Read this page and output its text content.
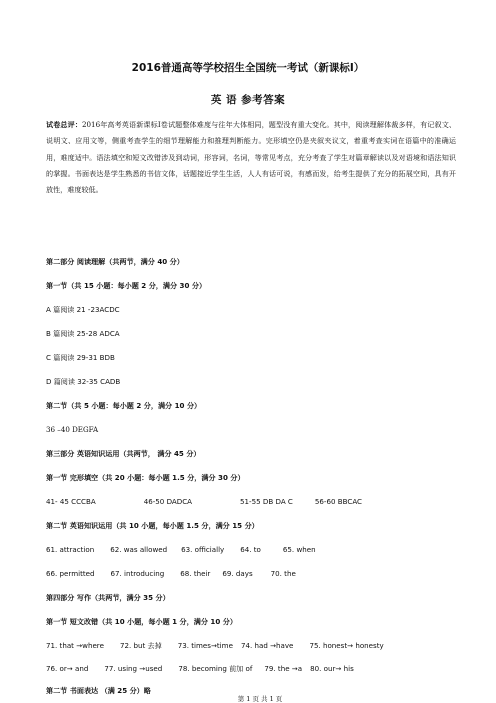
2016普通高等学校招生全国统一考试（新课标Ⅰ）
英 语 参考答案
试卷总评：2016年高考英语新课标Ⅰ卷试题整体难度与往年大体相同，题型没有重大变化。其中，阅读理解体裁多样，有记叙文、说明文、应用文等，侧重考查学生的细节理解能力和推理判断能力。完形填空仍是夹叙夹议文，着重考查实词在语篇中的准确运用，难度适中。语法填空和短文改错涉及到动词，形容词，名词，等常见考点，充分考查了学生对篇章解读以及对语境和语法知识的掌握。书面表达是学生熟悉的书信文体，话题接近学生生活，人人有话可说，有感而发，给考生提供了充分的拓展空间，具有开放性，难度较低。
第二部分 阅读理解（共两节，满分 40 分）
第一节（共 15 小题：每小题 2 分，满分 30 分）
A 篇阅读 21 -23ACDC
B 篇阅读 25-28 ADCA
C 篇阅读 29-31 BDB
D 篇阅读 32-35 CADB
第二节（共 5 小题：每小题 2 分，满分 10 分）
36 –40 DEGFA
第三部分 英语知识运用（共两节， 满分 45 分）
第一节 完形填空（共 20 小题：每小题 1.5 分，满分 30 分）
41- 45 CCCBA	46-50 DADCA	51-55 DB DA C	56-60 BBCAC
第二节 英语知识运用（共 10 小题，每小题 1.5 分，满分 15 分）
61. attraction 62. was allowed 63. officially 64. to	65. when
66. permitted 67. introducing 68. their 69. days	70. the
第四部分 写作（共两节，满分 35 分）
第一节 短文改错（共 10 小题，每小题 1 分，满分 10 分）
71. that →where 72. but 去掉 73. times→time 74. had →have 75. honest→ honesty
76. or→ and 77. using →used 78. becoming 前加 of 79. the →a 80. our→ his
第二节 书面表达 （满 25 分）略
第 1 页 共 1 页
